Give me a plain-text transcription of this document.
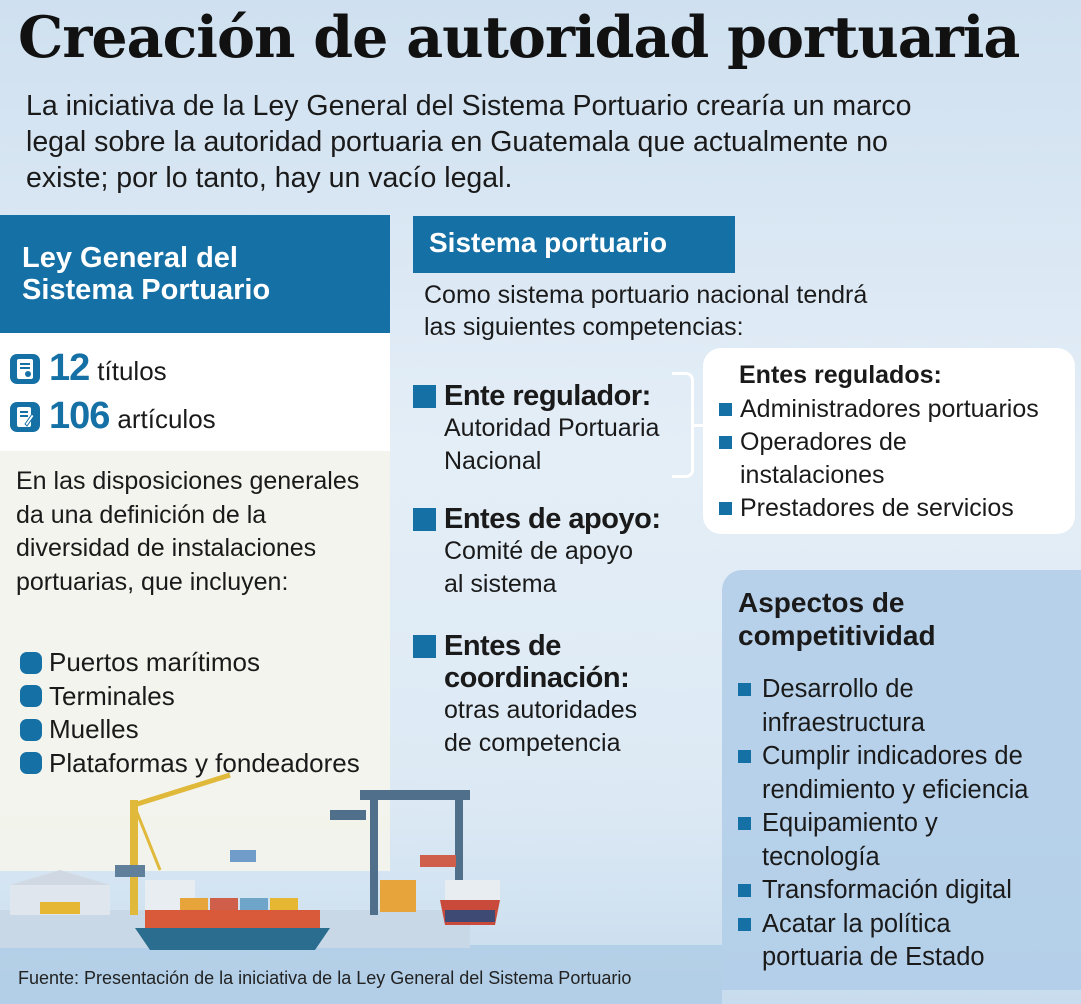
Creación de autoridad portuaria

La iniciativa de la Ley General del Sistema Portuario crearía un marco legal sobre la autoridad portuaria en Guatemala que actualmente no existe; por lo tanto, hay un vacío legal.

Ley General del
Sistema Portuario
12 títulos
106 artículos

En las disposiciones generales da una definición de la diversidad de instalaciones portuarias, que incluyen:

Puertos marítimos
Terminales
Muelles
Plataformas y fondeadores
Sistema portuario

Como sistema portuario nacional tendrá las siguientes competencias:

Ente regulador:
Autoridad Portuaria
Nacional
Entes de apoyo:
Comité de apoyo
al sistema
Entes de
coordinación:
otras autoridades
de competencia
Entes regulados:
Administradores portuarios
Operadores de instalaciones
Prestadores de servicios
Aspectos de
competitividad
Desarrollo de infraestructura
Cumplir indicadores de rendimiento y eficiencia
Equipamiento y tecnología
Transformación digital
Acatar la política portuaria de Estado
Fuente: Presentación de la iniciativa de la Ley General del Sistema Portuario
